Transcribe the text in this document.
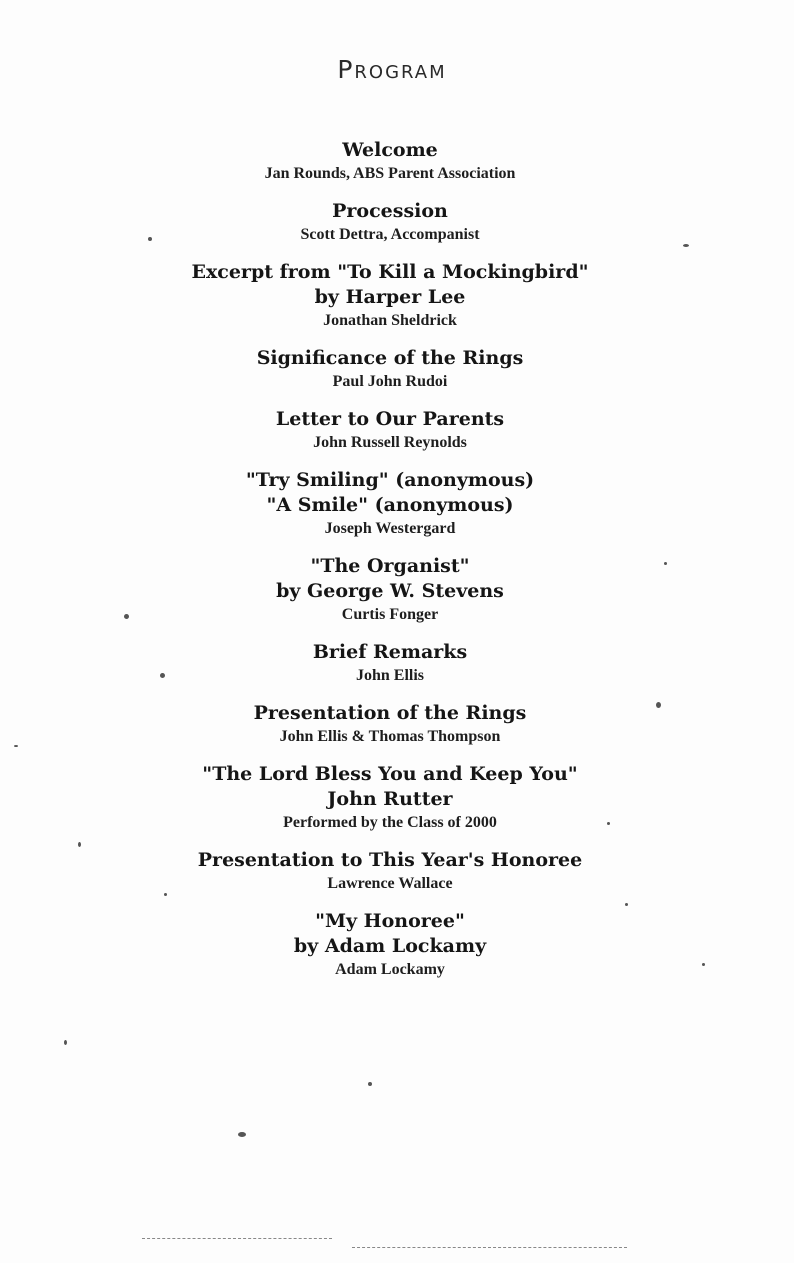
Program
Welcome
Jan Rounds, ABS Parent Association
Procession
Scott Dettra, Accompanist
Excerpt from "To Kill a Mockingbird"
by Harper Lee
Jonathan Sheldrick
Significance of the Rings
Paul John Rudoi
Letter to Our Parents
John Russell Reynolds
"Try Smiling" (anonymous)
"A Smile" (anonymous)
Joseph Westergard
"The Organist"
by George W. Stevens
Curtis Fonger
Brief Remarks
John Ellis
Presentation of the Rings
John Ellis & Thomas Thompson
"The Lord Bless You and Keep You"
John Rutter
Performed by the Class of 2000
Presentation to This Year's Honoree
Lawrence Wallace
"My Honoree"
by Adam Lockamy
Adam Lockamy
